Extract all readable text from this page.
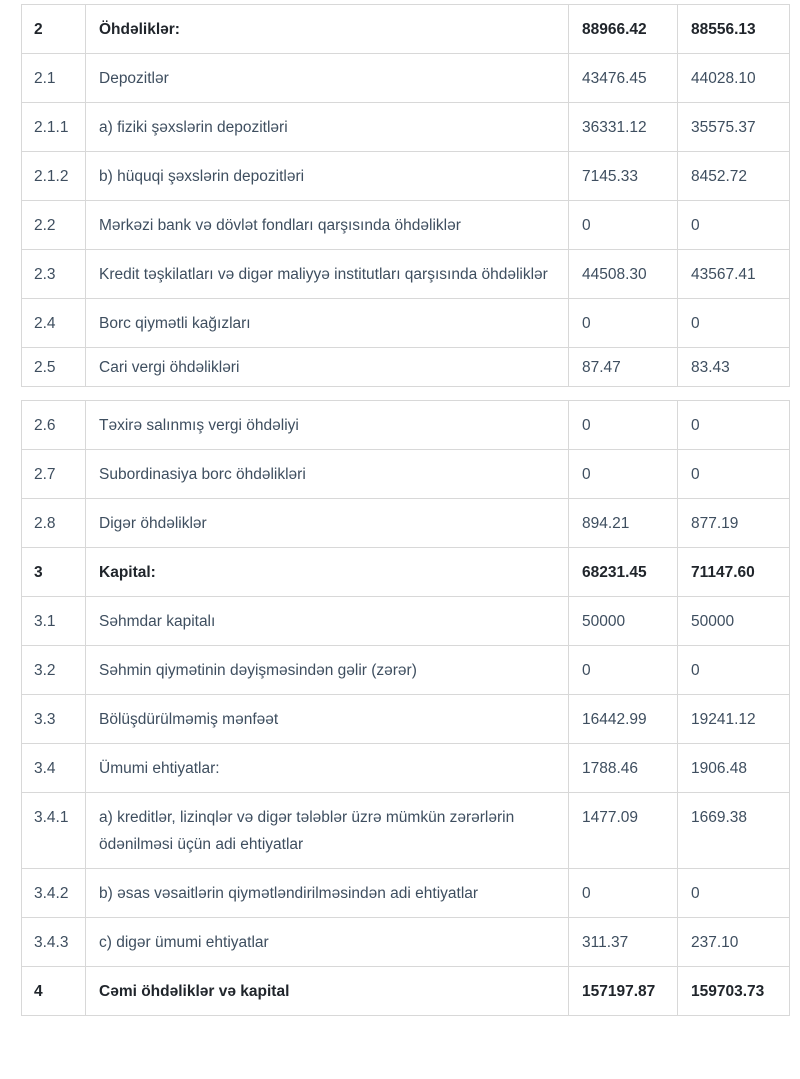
2	Öhdəliklər:	88966.42	88556.13
2.1	Depozitlər	43476.45	44028.10
2.1.1	a) fiziki şəxslərin depozitləri	36331.12	35575.37
2.1.2	b) hüquqi şəxslərin depozitləri	7145.33	8452.72
2.2	Mərkəzi bank və dövlət fondları qarşısında öhdəliklər	0	0
2.3	Kredit təşkilatları və digər maliyyə institutları qarşısında öhdəliklər	44508.30	43567.41
2.4	Borc qiymətli kağızları	0	0
2.5	Cari vergi öhdəlikləri	87.47	83.43
2.6	Təxirə salınmış vergi öhdəliyi	0	0
2.7	Subordinasiya borc öhdəlikləri	0	0
2.8	Digər öhdəliklər	894.21	877.19
3	Kapital:	68231.45	71147.60
3.1	Səhmdar kapitalı	50000	50000
3.2	Səhmin qiymətinin dəyişməsindən gəlir (zərər)	0	0
3.3	Bölüşdürülməmiş mənfəət	16442.99	19241.12
3.4	Ümumi ehtiyatlar:	1788.46	1906.48
3.4.1	a) kreditlər, lizinqlər və digər tələblər üzrə mümkün zərərlərin ödənilməsi üçün adi ehtiyatlar	1477.09	1669.38
3.4.2	b) əsas vəsaitlərin qiymətləndirilməsindən adi ehtiyatlar	0	0
3.4.3	c) digər ümumi ehtiyatlar	311.37	237.10
4	Cəmi öhdəliklər və kapital	157197.87	159703.73
